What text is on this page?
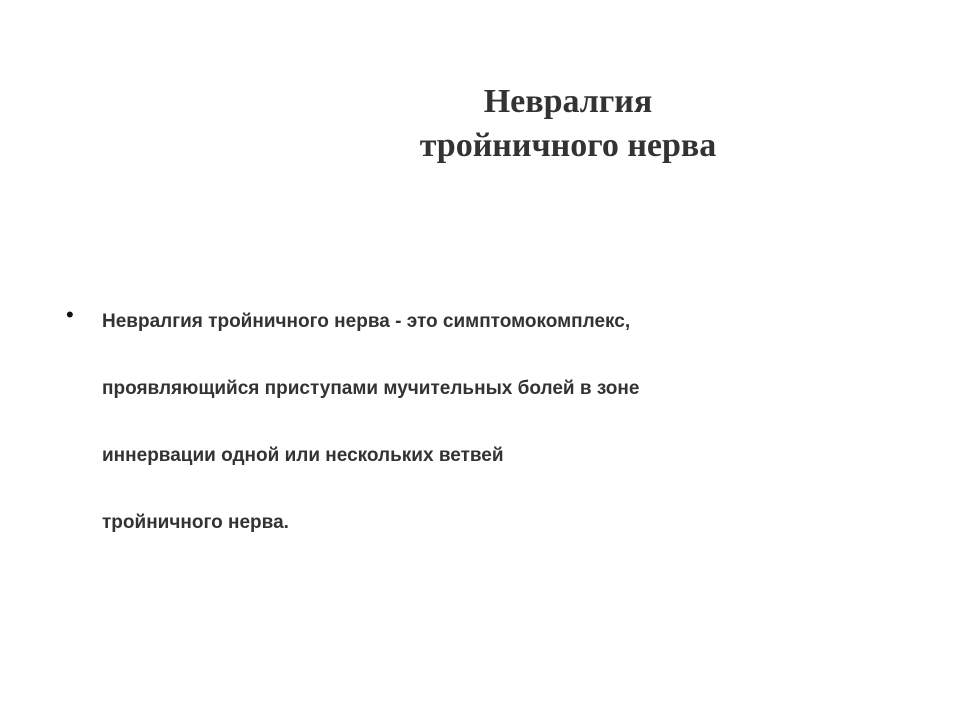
Невралгия
тройничного нерва
• Невралгия тройничного нерва - это симптомокомплекс,
проявляющийся приступами мучительных болей в зоне
иннервации одной или нескольких ветвей
тройничного нерва.
